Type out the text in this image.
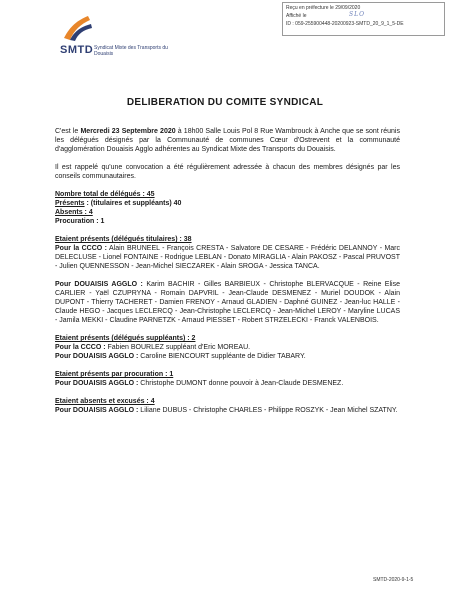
Reçu en préfecture le 29/09/2020
Affiché le	SLO
ID : 059-255900448-20200923-SMTD_20_9_1_5-DE
SMTD Syndicat Mixte des Transports du Douaisis
DELIBERATION DU COMITE SYNDICAL

C'est le Mercredi 23 Septembre 2020 à 18h00 Salle Louis Pol 8 Rue Wambrouck à Anche que se sont réunis les délégués désignés par la Communauté de communes Cœur d'Ostrevent et la communauté d'agglomération Douaisis Agglo adhérentes au Syndicat Mixte des Transports du Douaisis.

Il est rappelé qu'une convocation a été régulièrement adressée à chacun des membres désignés par les conseils communautaires.

Nombre total de délégués : 45

Présents : (titulaires et suppléants) 40

Absents : 4

Procuration : 1

Etaient présents (délégués titulaires) : 38

Pour la CCCO : Alain BRUNEEL - François CRESTA - Salvatore DE CESARE - Frédéric DELANNOY - Marc DELECLUSE - Lionel FONTAINE - Rodrigue LEBLAN - Donato MIRAGLIA - Alain PAKOSZ - Pascal PRUVOST - Julien QUENNESSON - Jean-Michel SIECZAREK - Alain SROGA - Jessica TANCA.

Pour DOUAISIS AGGLO : Karim BACHIR - Gilles BARBIEUX - Christophe BLERVACQUE - Reine Elise CARLIER - Yaël CZUPRYNA - Romain DAPVRIL - Jean-Claude DESMENEZ - Muriel DOUDOK - Alain DUPONT - Thierry TACHERET - Damien FRENOY - Arnaud GLADIEN - Daphné GUINEZ - Jean-luc HALLE - Claude HEGO - Jacques LECLERCQ - Jean-Christophe LECLERCQ - Jean-Michel LEROY - Maryline LUCAS - Jamila MEKKI - Claudine PARNETZK - Arnaud PIESSET - Robert STRZELECKI - Franck VALENBOIS.

Etaient présents (délégués suppléants) : 2

Pour la CCCO : Fabien BOURLEZ suppléant d'Eric MOREAU.

Pour DOUAISIS AGGLO : Caroline BIENCOURT suppléante de Didier TABARY.

Etaient présents par procuration : 1

Pour DOUAISIS AGGLO : Christophe DUMONT donne pouvoir à Jean-Claude DESMENEZ.

Etaient absents et excusés : 4

Pour DOUAISIS AGGLO : Liliane DUBUS - Christophe CHARLES - Philippe ROSZYK - Jean Michel SZATNY.

SMTD-2020-9-1-5
